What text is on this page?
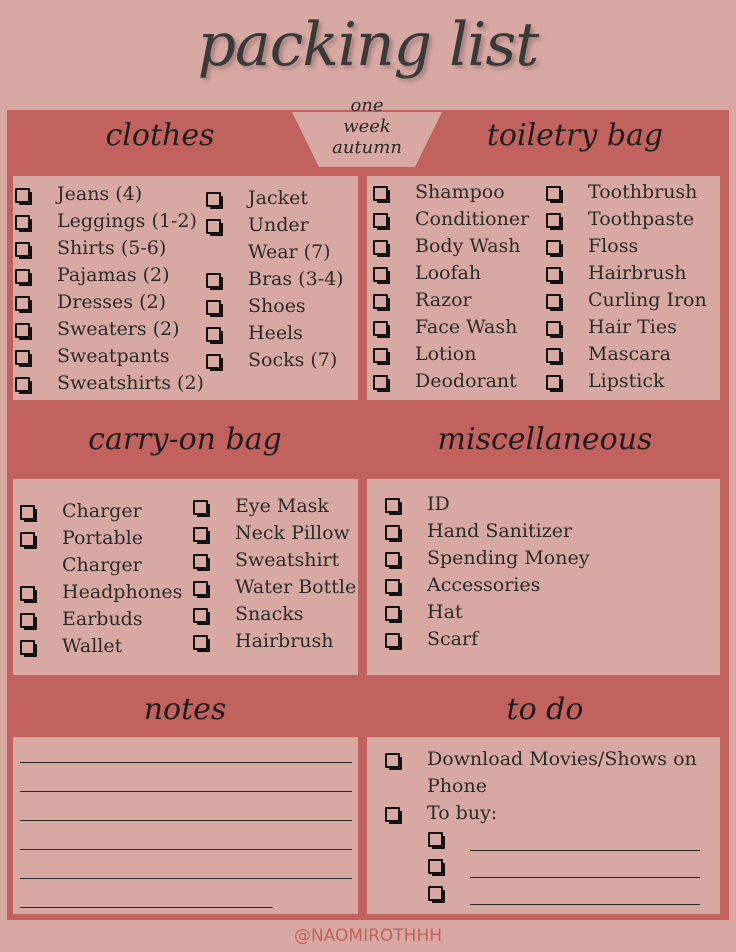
packing list
one
week
autumn
clothes	toiletry bag
carry-on bag	miscellaneous
notes	to do
Jeans (4)
Leggings (1-2)
Shirts (5-6)
Pajamas (2)
Dresses (2)
Sweaters (2)
Sweatpants
Sweatshirts (2)
Jacket
Under
Wear (7)
Bras (3-4)
Shoes
Heels
Socks (7)
Shampoo
Conditioner
Body Wash
Loofah
Razor
Face Wash
Lotion
Deodorant
Toothbrush
Toothpaste
Floss
Hairbrush
Curling Iron
Hair Ties
Mascara
Lipstick
Charger
Portable
Charger
Headphones
Earbuds
Wallet
Eye Mask
Neck Pillow
Sweatshirt
Water Bottle
Snacks
Hairbrush
ID
Hand Sanitizer
Spending Money
Accessories
Hat
Scarf
Download Movies/Shows on
Phone
To buy:
@NAOMIROTHHH
